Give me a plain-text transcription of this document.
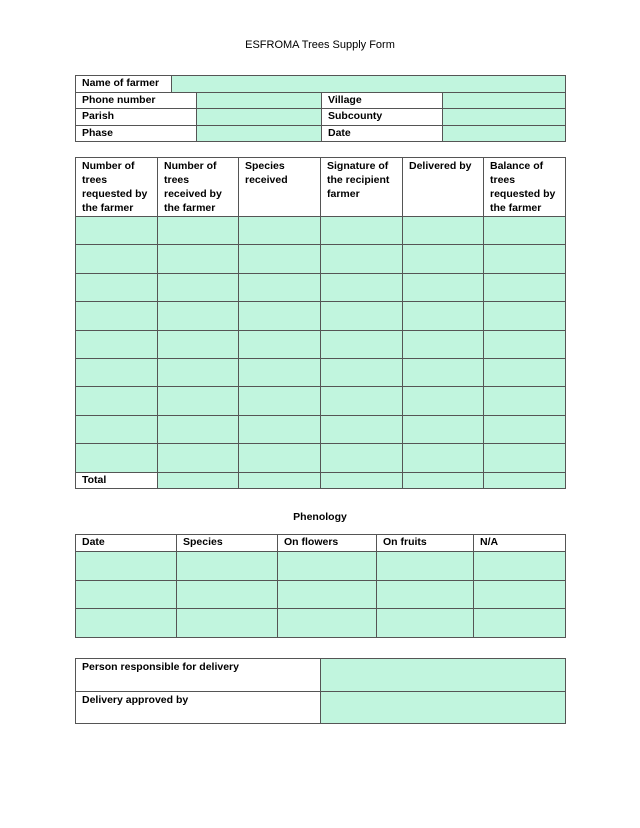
ESFROMA Trees Supply Form
Name of farmer	
Phone number			Village	
Parish			Subcounty	
Phase			Date	
Number of trees requested by the farmer	Number of trees received by the farmer	Species received	Signature of the recipient farmer	Delivered by	Balance of trees requested by the farmer

Total					
Phenology
Date	Species	On flowers	On fruits	N/A

Person responsible for delivery	
Delivery approved by	
